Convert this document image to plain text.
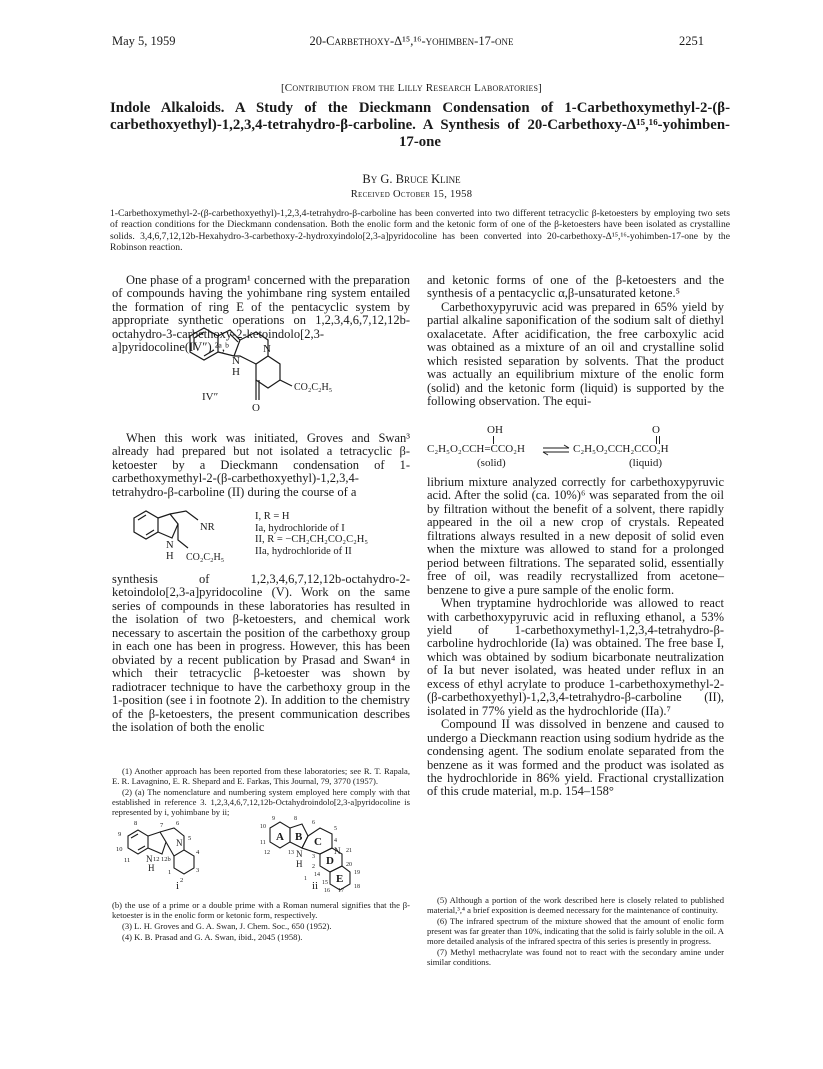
May 5, 1959	20-Carbethoxy-Δ¹⁵,¹⁶-yohimben-17-one	2251
[Contribution from the Lilly Research Laboratories]
Indole Alkaloids. A Study of the Dieckmann Condensation of 1-Carbethoxymethyl-2-(β-carbethoxyethyl)-1,2,3,4-tetrahydro-β-carboline. A Synthesis of 20-Carbethoxy-Δ¹⁵,¹⁶-yohimben-17-one
By G. Bruce Kline
Received October 15, 1958
1-Carbethoxymethyl-2-(β-carbethoxyethyl)-1,2,3,4-tetrahydro-β-carboline has been converted into two different tetracyclic β-ketoesters by employing two sets of reaction conditions for the Dieckmann condensation. Both the enolic form and the ketonic form of one of the β-ketoesters have been isolated as crystalline solids. 3,4,6,7,12,12b-Hexahydro-3-carbethoxy-2-hydroxyindolo[2,3-a]pyridocoline has been converted into 20-carbethoxy-Δ¹⁵,¹⁶-yohimben-17-one by the Robinson reaction.

One phase of a program¹ concerned with the preparation of compounds having the yohimbane ring system entailed the formation of ring E of the pentacyclic system by appropriate synthetic operations on 1,2,3,4,6,7,12,12b-octahydro-3-carbethoxy-2-ketoindolo[2,3-a]pyridocoline(IV″).²ᵃ,ᵇ

N
H
N
O
CO₂C₂H₅
IV″

When this work was initiated, Groves and Swan³ already had prepared but not isolated a tetracyclic β-ketoester by a Dieckmann condensation of 1-carbethoxymethyl-2-(β-carbethoxyethyl)-1,2,3,4-tetrahydro-β-carboline (II) during the course of a

N
H
NR
CO₂C₂H₅
I, R = H
Ia, hydrochloride of I
II, R = −CH₂CH₂CO₂C₂H₅
IIa, hydrochloride of II

synthesis of 1,2,3,4,6,7,12,12b-octahydro-2-ketoindolo[2,3-a]pyridocoline (V). Work on the same series of compounds in these laboratories has resulted in the isolation of two β-ketoesters, and chemical work necessary to ascertain the position of the carbethoxy group in each one has been in progress. However, this has been obviated by a recent publication by Prasad and Swan⁴ in which their tetracyclic β-ketoester was shown by radiotracer technique to have the carbethoxy group in the 1-position (see i in footnote 2). In addition to the chemistry of the β-ketoesters, the present communication describes the isolation of both the enolic

(1) Another approach has been reported from these laboratories; see R. T. Rapala, E. R. Lavagnino, E. R. Shepard and E. Farkas, This Journal, 79, 3770 (1957).

(2) (a) The nomenclature and numbering system employed here comply with that established in reference 3. 1,2,3,4,6,7,12,12b-Octahydroindolo[2,3-a]pyridocoline is represented by i, yohimbane by ii;

8	7 6
9
10
11 N 12 12b
H 1
2
3
4
N 5
i
A B C
D
E
9	8
6
10	5
11	4
12	13 N
H
N
3
21
2
14
20
15
19
18
17
16
1
ii

(b) the use of a prime or a double prime with a Roman numeral signifies that the β-ketoester is in the enolic form or ketonic form, respectively.

(3) L. H. Groves and G. A. Swan, J. Chem. Soc., 650 (1952).

(4) K. B. Prasad and G. A. Swan, ibid., 2045 (1958).

and ketonic forms of one of the β-ketoesters and the synthesis of a pentacyclic α,β-unsaturated ketone.⁵

Carbethoxypyruvic acid was prepared in 65% yield by partial alkaline saponification of the sodium salt of diethyl oxalacetate. After acidification, the free carboxylic acid was obtained as a mixture of an oil and crystalline solid which resisted separation by solvents. That the product was actually an equilibrium mixture of the enolic form (solid) and the ketonic form (liquid) is supported by the following observation. The equi-

OH
C₂H₅O₂CCH=CCO₂H ⇌
O
C₂H₅O₂CCH₂CCO₂H
(solid)	(liquid)

librium mixture analyzed correctly for carbethoxypyruvic acid. After the solid (ca. 10%)⁶ was separated from the oil by filtration without the benefit of a solvent, there rapidly appeared in the oil a new crop of crystals. Repeated filtrations always resulted in a new deposit of solid even when the mixture was allowed to stand for a prolonged period between filtrations. The separated solid, essentially free of oil, was readily recrystallized from acetone–benzene to give a pure sample of the enolic form.

When tryptamine hydrochloride was allowed to react with carbethoxypyruvic acid in refluxing ethanol, a 53% yield of 1-carbethoxymethyl-1,2,3,4-tetrahydro-β-carboline hydrochloride (Ia) was obtained. The free base I, which was obtained by sodium bicarbonate neutralization of Ia but never isolated, was heated under reflux in an excess of ethyl acrylate to produce 1-carbethoxymethyl-2-(β-carbethoxyethyl)-1,2,3,4-tetrahydro-β-carboline (II), isolated in 77% yield as the hydrochloride (IIa).⁷

Compound II was dissolved in benzene and caused to undergo a Dieckmann reaction using sodium hydride as the condensing agent. The sodium enolate separated from the benzene as it was formed and the product was isolated as the hydrochloride in 86% yield. Fractional crystallization of this crude material, m.p. 154–158°

(5) Although a portion of the work described here is closely related to published material,³,⁴ a brief exposition is deemed necessary for the maintenance of continuity.

(6) The infrared spectrum of the mixture showed that the amount of enolic form present was far greater than 10%, indicating that the solid is fairly soluble in the oil. A more detailed analysis of the infrared spectra of this series is presently in progress.

(7) Methyl methacrylate was found not to react with the secondary amine under similar conditions.
